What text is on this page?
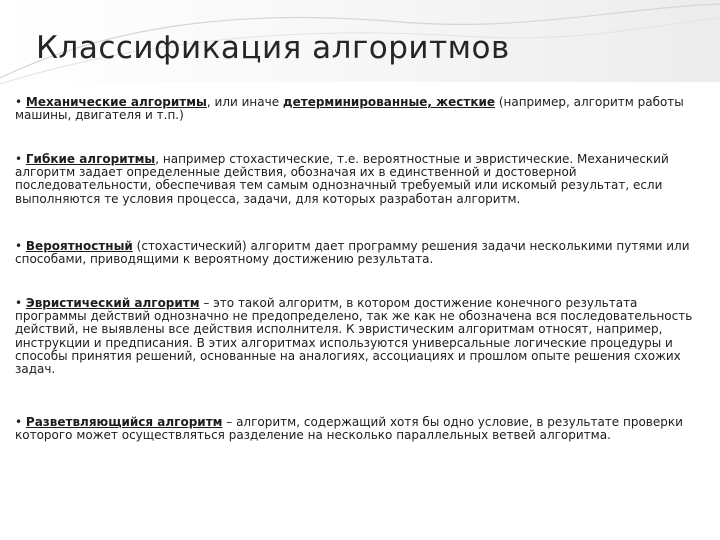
Классификация алгоритмов

• Механические алгоритмы, или иначе детерминированные, жесткие (например, алгоритм работы машины, двигателя и т.п.)

• Гибкие алгоритмы, например стохастические, т.е. вероятностные и эвристические. Механический алгоритм задает определенные действия, обозначая их в единственной и достоверной последовательности, обеспечивая тем самым однозначный требуемый или искомый результат, если выполняются те условия процесса, задачи, для которых разработан алгоритм.

• Вероятностный (стохастический) алгоритм дает программу решения задачи несколькими путями или способами, приводящими к вероятному достижению результата.

• Эвристический алгоритм – это такой алгоритм, в котором достижение конечного результата программы действий однозначно не предопределено, так же как не обозначена вся последовательность действий, не выявлены все действия исполнителя. К эвристическим алгоритмам относят, например, инструкции и предписания. В этих алгоритмах используются универсальные логические процедуры и способы принятия решений, основанные на аналогиях, ассоциациях и прошлом опыте решения схожих задач.

• Разветвляющийся алгоритм – алгоритм, содержащий хотя бы одно условие, в результате проверки которого может осуществляться разделение на несколько параллельных ветвей алгоритма.
